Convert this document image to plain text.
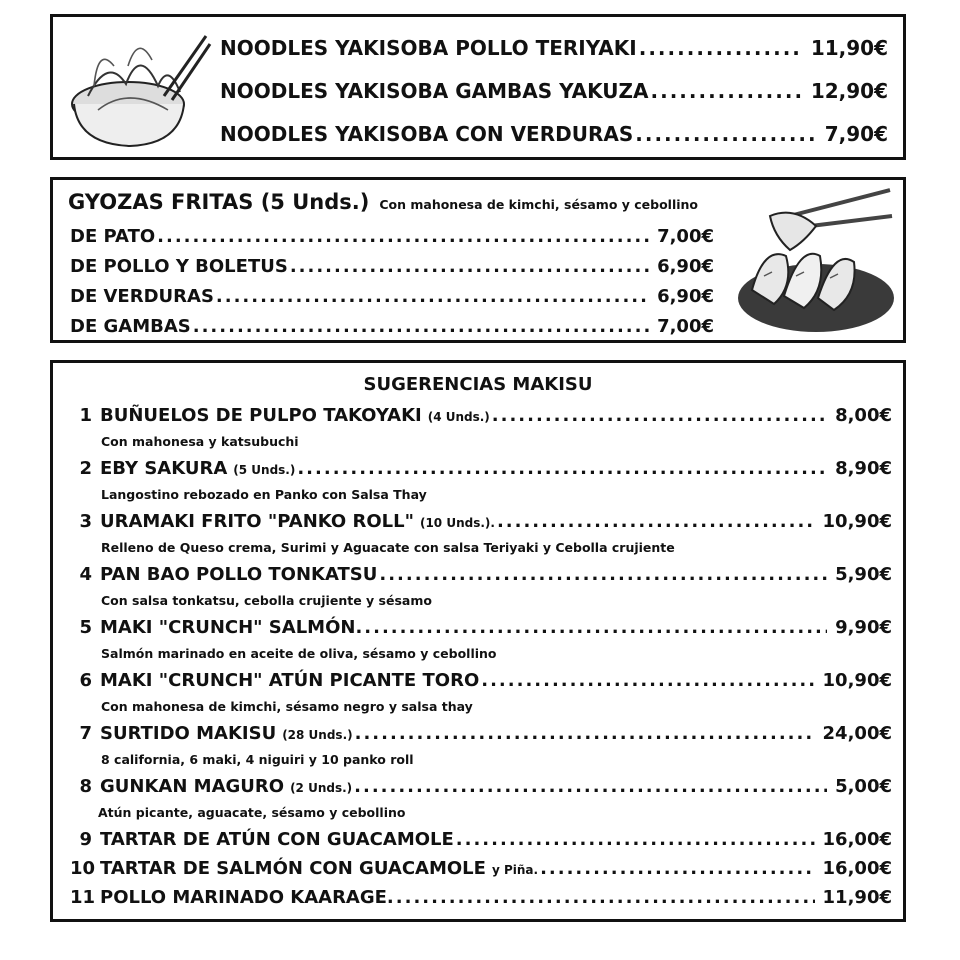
NOODLES YAKISOBA POLLO TERIYAKI .....	11,90€
NOODLES YAKISOBA GAMBAS YAKUZA .....	12,90€
NOODLES YAKISOBA CON VERDURAS .....	7,90€
GYOZAS FRITAS (5 Unds.) Con mahonesa de kimchi, sésamo y cebollino
DE PATO .....	7,00€
DE POLLO Y BOLETUS .....	6,90€
DE VERDURAS .....	6,90€
DE GAMBAS .....	7,00€
SUGERENCIAS MAKISU
1 BUÑUELOS DE PULPO TAKOYAKI (4 Unds.) .....	8,00€
Con mahonesa y katsubuchi
2 EBY SAKURA (5 Unds.) .....	8,90€
Langostino rebozado en Panko con Salsa Thay
3 URAMAKI FRITO "PANKO ROLL" (10 Unds.). .....	10,90€
Relleno de Queso crema, Surimi y Aguacate con salsa Teriyaki y Cebolla crujiente
4 PAN BAO POLLO TONKATSU .....	5,90€
Con salsa tonkatsu, cebolla crujiente y sésamo
5 MAKI "CRUNCH" SALMÓN. .....	9,90€
Salmón marinado en aceite de oliva, sésamo y cebollino
6 MAKI "CRUNCH" ATÚN PICANTE TORO .....	10,90€
Con mahonesa de kimchi, sésamo negro y salsa thay
7 SURTIDO MAKISU (28 Unds.) .....	24,00€
8 california, 6 maki, 4 niguiri y 10 panko roll
8 GUNKAN MAGURO (2 Unds.) .....	5,00€
Atún picante, aguacate, sésamo y cebollino
9 TARTAR DE ATÚN CON GUACAMOLE .....	16,00€
10 TARTAR DE SALMÓN CON GUACAMOLE y Piña. .....	16,00€
11 POLLO MARINADO KAARAGE. .....	11,90€
